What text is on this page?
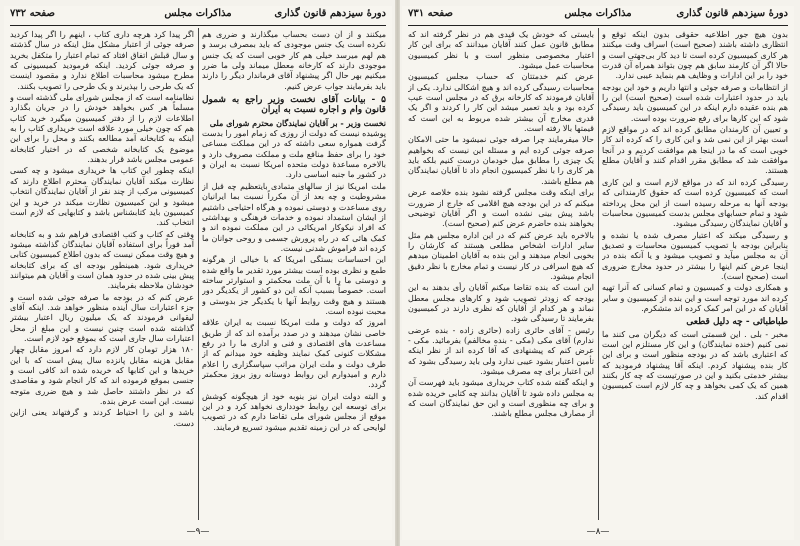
دورهٔ سیزدهم قانون گذاری
مذاکرات مجلس
صفحه ۷۳۲

میکنند و از آن دست بحساب میگذارند و ضرری هم نکرده است یک جنس موجودی که باید بمصرف برسد و هم لهم میرسد خیلی هم کار خوبی است که یک جنس موجودی دارند که کارخانه معطل میماند ولی ما ضرر میکنیم بهر حال اگر پیشنهاد آقای فرماندار دیگر را دارند باید بفرمایند جواب عرض کنیم.

۵ - بیانات آقای نخست وزیر راجع به شمول قانون وام و اجاره نسبت به ایران

نخست وزیر - بر آقایان نمایندگان محترم شورای ملی

پوشیده نیست که دولت از روزی که زمام امور را بدست گرفت همواره سعی داشته که در این مملکت مساعی خود را برای حفظ منافع ملت و مملکت مصروف دارد و بالاخره مساعدهٔ دولت متحده امریکا نسبت به ایران و در کشور ما جنبه اساسی دارد.

ملت امریکا نیز از سالهای متمادی بایتعظیم چه قبل از مشروطیت و چه بعد از آن مکرراً نسبت بما ایرانیان روی مساعدت و دوستی نموده و هرگاه احتیاجی داشتیم از ایشان استمداد نموده و خدمات فرهنگی و بهداشتی که افراد نیکوکار امریکائی در این مملکت نموده اند و کمک هائی که در راه پرورش جسمی و روحی جوانان ما کرده اند فراموش شدنی نیست.

این احساسات بستگی امریکا که با خیالی از هرگونه طمع و نظری بوده است بیشتر مورد تقدیر ما واقع شده و دوستی ما را با آن ملت محکمتر و استوارتر ساخته است. خصوصاً بسبب آنکه این دو کشور از یکدیگر دور هستند و هیچ وقت روابط آنها با یکدیگر جز بدوستی و محبت نبوده است.

امروز که دولت و ملت امریکا نسبت به ایران علاقه خاصی نشان میدهند و در صدد برآمده اند که از طریق مساعدت های اقتصادی و فنی و اداری ما را در رفع مشکلات کنونی کمک نمایند وظیفه خود میدانم که از طرف دولت و ملت ایران مراتب سپاسگزاری را اعلام دارم و امیدوارم این روابط دوستانه روز بروز محکمتر گردد.

و البته دولت ایران نیز بنوبه خود از هیچگونه کوشش برای توسعه این روابط خودداری نخواهد کرد و در این موقع از مجلس شورای ملی تقاضا دارم که در تصویب لوایحی که در این زمینه تقدیم میشود تسریع فرمایند.

اگر پیدا کرد هرچه داری کتاب ، اینهم را اگر پیدا کردید صرفه جوئی از اعتبار مشکل مثل اینکه در سال گذشته و سال قبلش اتفاق افتاد که تمام اعتبار را متکفل بخرید و صرفه جوئی کردید. اینکه فرمودید کمیسیونی که مطرح میشود محاسبات اطلاع ندارد و مقصود اینست که یک طرحی را بپذیرند و یک طرحی را تصویب بکنند.

نظامنامه است که از مجلس شورای ملی گذشته است و مسلماً هر کس بخواهد خودش را در جریان بگذارد اطلاعات لازم را از دفتر کمیسیون میگیرد خرید کتاب هم که چون خیلی مورد علاقه است خریداری کتاب را به اینکه به کتابخانه آمد مطالعه بکنند و محل را برای این موضوع یک کتابخانه شخصی که در اختیار کتابخانه عمومی مجلس باشد قرار بدهند.

اینکه چطور این کتاب ها خریداری میشود و چه کسی نظارت میکند آقایان نمایندگان محترم اطلاع دارند که کمیسیونی مرکب از چند نفر از آقایان نمایندگان انتخاب میشود و این کمیسیون نظارت میکند در خرید و این کمیسیون باید کتابشناس باشد و کتابهایی که لازم است انتخاب کند.

وقتی که کتاب و کتب اقتصادی فراهم شد و به کتابخانه آمد فوراً برای استفاده آقایان نمایندگان گذاشته میشود و هیچ وقت ممکن نیست که بدون اطلاع کمیسیون کتابی خریداری شود. همینطور بودجه ای که برای کتابخانه پیش بینی شده در حدود همان است و آقایان هم میتوانند خودشان ملاحظه بفرمایند.

عرض کنم که در بودجه ما صرفه جوئی شده است و جزء اعتبارات سال آینده منظور خواهد شد. اینکه آقای لیقوانی فرمودند که یک میلیون ریال اعتبار بیشتر گذاشته شده است چنین نیست و این مبلغ از محل اعتبارات سال جاری است که بموقع خود لازم است.

۱۸۰ هزار تومان کار لازم دارد که امروز مقابل چهار مقابل هزینه مقابل پانزده سال پیش است که با این خریدها و این کتابها که خریده شده اند کافی است و جنسی بموقع فرموده اند که کار انجام شود و مقاصدی که در نظر داشتند حاصل شد و هیچ ضرری متوجه نیست. این است عرض بنده.

باشد و این را احتیاط کردند و گرفتهاند یعنی ازاین دست.

—۹—
دورهٔ سیزدهم قانون گذاری
مذاکرات مجلس
صفحه ۷۳۱

بدون هیچ جور اطلاعیه حقوقی بدون اینکه توقع و انتظاری داشته باشند (صحیح است) اسراف وقت میکنند هر کاری کمیسیون کرده است تا دید کار بی‌جهتی است و حالا اگر آن کارمند سابق هم چون بتواند همراه آن قدرت خود را بر این ادارات و وظایف هم بنماید عیبی ندارد.

از انتظامات و صرفه جوئی و انتها داریم و خود این بودجه باید در حدود اعتبارات شده است (صحیح است) این را هم بنده عقیده دارم اینکه در این کمیسیون باید رسیدگی شود که این کارها برای رفع ضرورت بوده است.

و تعیین آن کارمندان مطابق کرده اند که در مواقع لازم است بهتر از این نمی شد و این کاری را که کرده اند کار خوبی است که ما در اینجا هم موافقت کردیم و در آنجا موافقت شد که مطابق مقرر اقدام کنند و آقایان مطلع هستند.

رسیدگی کرده اند که در مواقع لازم است و این کاری است که کمیسیون کرده است که حقوق کارمندانی که بودجه آنها به مرحله رسیده است از این محل پرداخته شود و تمام حسابهای مجلس بدست کمیسیون محاسبات و آقایان نمایندگان رسیدگی میشود.

و رسیدگی میکند که اعتبار مصرف شده یا نشده و بنابراین بودجه با تصویب کمیسیون محاسبات و تصدیق آن به مجلس میآید و تصویب میشود و یا آنکه بنده در اینجا عرض کنم اینها را بیشتر در حدود مخارج ضروری است (صحیح است).

و همکاری دولت و کمیسیون و تمام کسانی که آنرا تهیه کرده اند مورد توجه است و این بنده از کمیسیون و سایر آقایان که در این امر کمک کرده اند متشکرم.

طباطبائی - چه دلیل قطعی

مخبر - بلی . این قسمتی است که دیگران می کنند ما نمی کنیم (خنده نمایندگان) و این کار مستلزم این است که اعتباری باشد که در بودجه منظور است و برای این کار بنده پیشنهاد کردم. اینکه آقا پیشنهاد فرمودید که بیشتر خدمتی بکنید و این در صورتیست که چه کار بکنند همین که یک کمی بخواهد و چه کار لازم است کمیسیون اقدام کند.

بایستی که خودش یک قیدی هم در نظر گرفته اند که مطابق قانون عمل کنند آقایان میدانند که برای این کار اعتبار مخصوصی منظور است و با نظر کمیسیون محاسبات عمل میشود.

عرض کنم خدمتتان که حساب مجلس کمیسیون محاسبات رسیدگی کرده اند و هیچ اشکالی ندارد. یکی از آقایان فرمودند که کارخانه برق که در مجلس است عیب کرده بود و باید تعمیر میشد این کار را کردند و اگر یک قدری مخارج آن بیشتر شده مربوط به این است که قیمتها بالا رفته است.

حالا میفرمایند چرا صرفه جوئی نمیشود ما حتی الامکان صرفه جوئی کرده ایم و مسئله این نیست که بخواهیم یک چیزی را مطابق میل خودمان درست کنیم بلکه باید هر کاری را با نظر کمیسیون انجام داد تا آقایان نمایندگان هم مطلع باشند.

برای اینکه وقت مجلس گرفته نشود بنده خلاصه عرض میکنم که در این بودجه هیچ اقلامی که خارج از ضرورت باشد پیش بینی نشده است و اگر آقایان توضیحی بخواهند بنده حاضرم عرض کنم (صحیح است).

بالاخره باید عرض کنم که در این اداره مجلس هم مثل سایر ادارات اشخاص مطلعی هستند که کارشان را بخوبی انجام میدهند و این بنده به آقایان اطمینان میدهم که هیچ اسرافی در کار نیست و تمام مخارج با نظر دقیق انجام میشود.

این است که بنده تقاضا میکنم آقایان رأی بدهند به این بودجه که زودتر تصویب شود و کارهای مجلس معطل نماند و هر کدام از آقایان که نظری دارند در کمیسیون بفرمایند تا رسیدگی شود.

رئیس - آقای حائری زاده (حائری زاده - بنده عرضی ندارم) آقای مکی (مکی - بنده مخالفم) بفرمائید. مکی - عرض کنم که پیشنهادی که آقا کرده اند از نظر اینکه تأمین اعتبار بشود عیبی ندارد ولی باید رسیدگی بشود که این اعتبار برای چه مصرف میشود.

و اینکه گفته شده کتاب خریداری میشود باید فهرست آن به مجلس داده شود تا آقایان بدانند چه کتابی خریده شده و برای چه منظوری است و این حق نمایندگان است که از مصارف مجلس مطلع باشند.

—۸—
